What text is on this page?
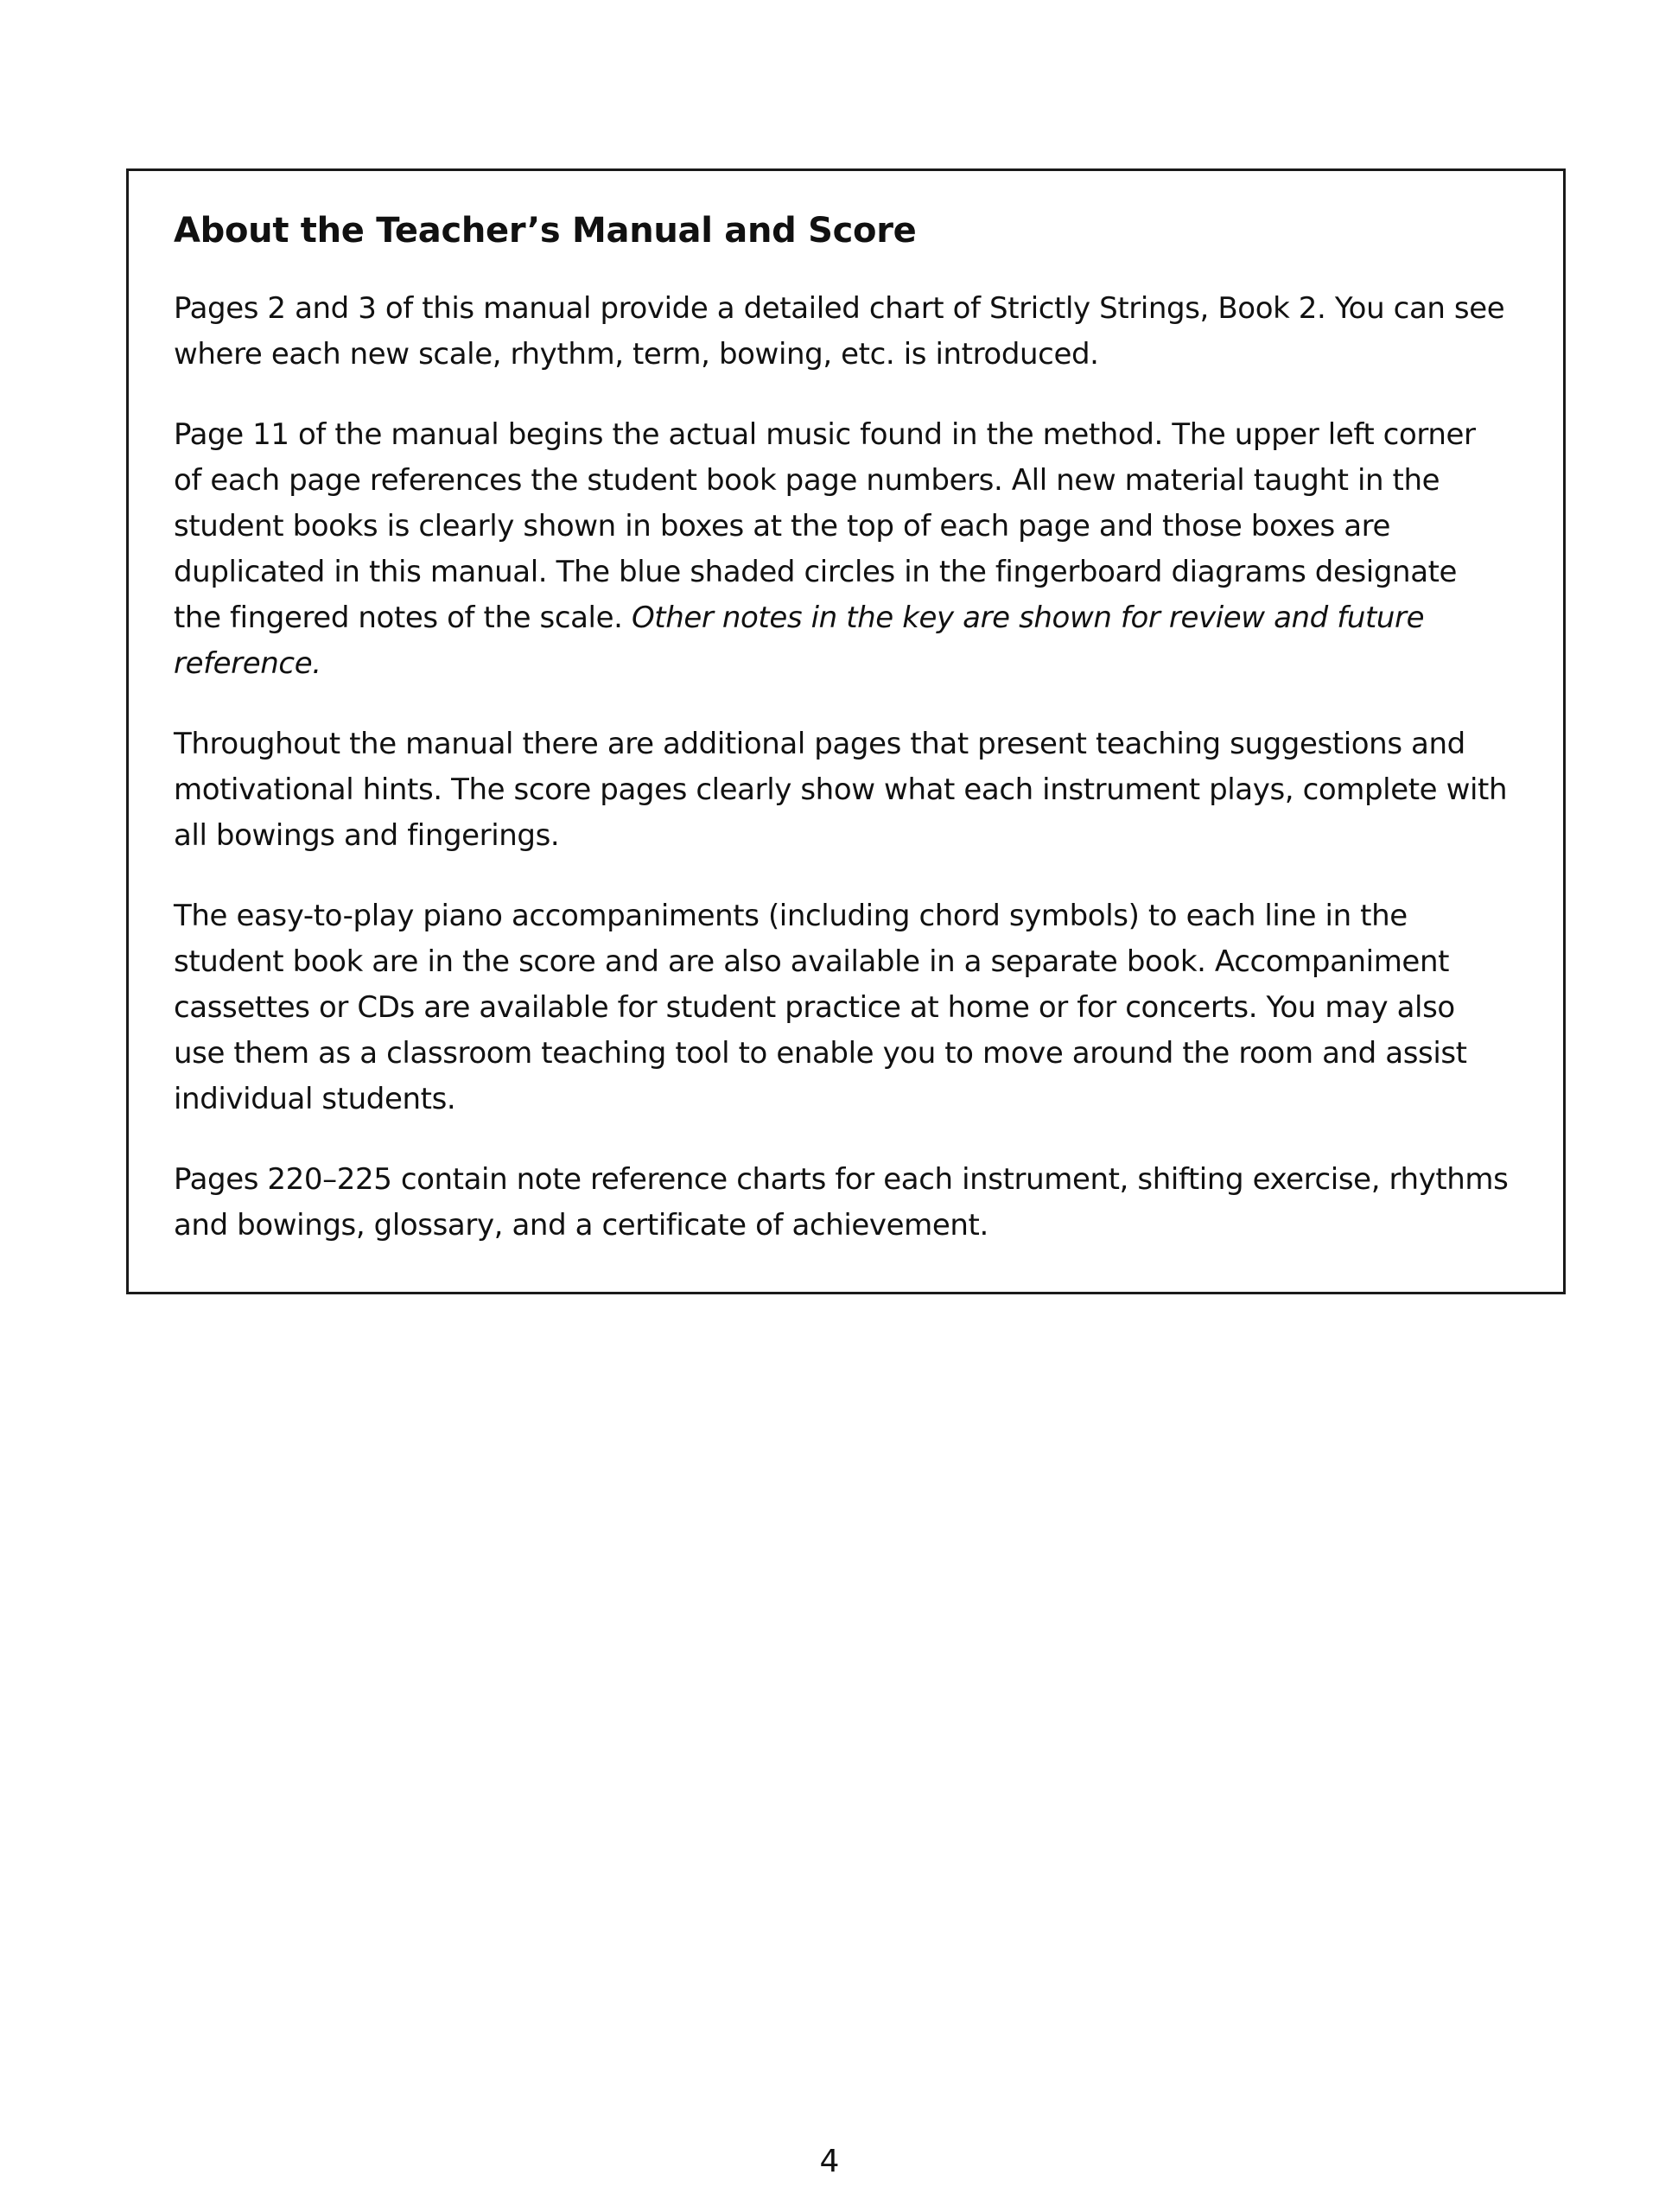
About the Teacher’s Manual and Score

Pages 2 and 3 of this manual provide a detailed chart of Strictly Strings, Book 2. You can see where each new scale, rhythm, term, bowing, etc. is introduced.

Page 11 of the manual begins the actual music found in the method. The upper left corner of each page references the student book page numbers. All new material taught in the student books is clearly shown in boxes at the top of each page and those boxes are duplicated in this manual. The blue shaded circles in the fingerboard diagrams designate the fingered notes of the scale. Other notes in the key are shown for review and future reference.

Throughout the manual there are additional pages that present teaching suggestions and motivational hints. The score pages clearly show what each instrument plays, complete with all bowings and fingerings.

The easy-to-play piano accompaniments (including chord symbols) to each line in the student book are in the score and are also available in a separate book. Accompaniment cassettes or CDs are available for student practice at home or for concerts. You may also use them as a classroom teaching tool to enable you to move around the room and assist individual students.

Pages 220–225 contain note reference charts for each instrument, shifting exercise, rhythms and bowings, glossary, and a certificate of achievement.

4
